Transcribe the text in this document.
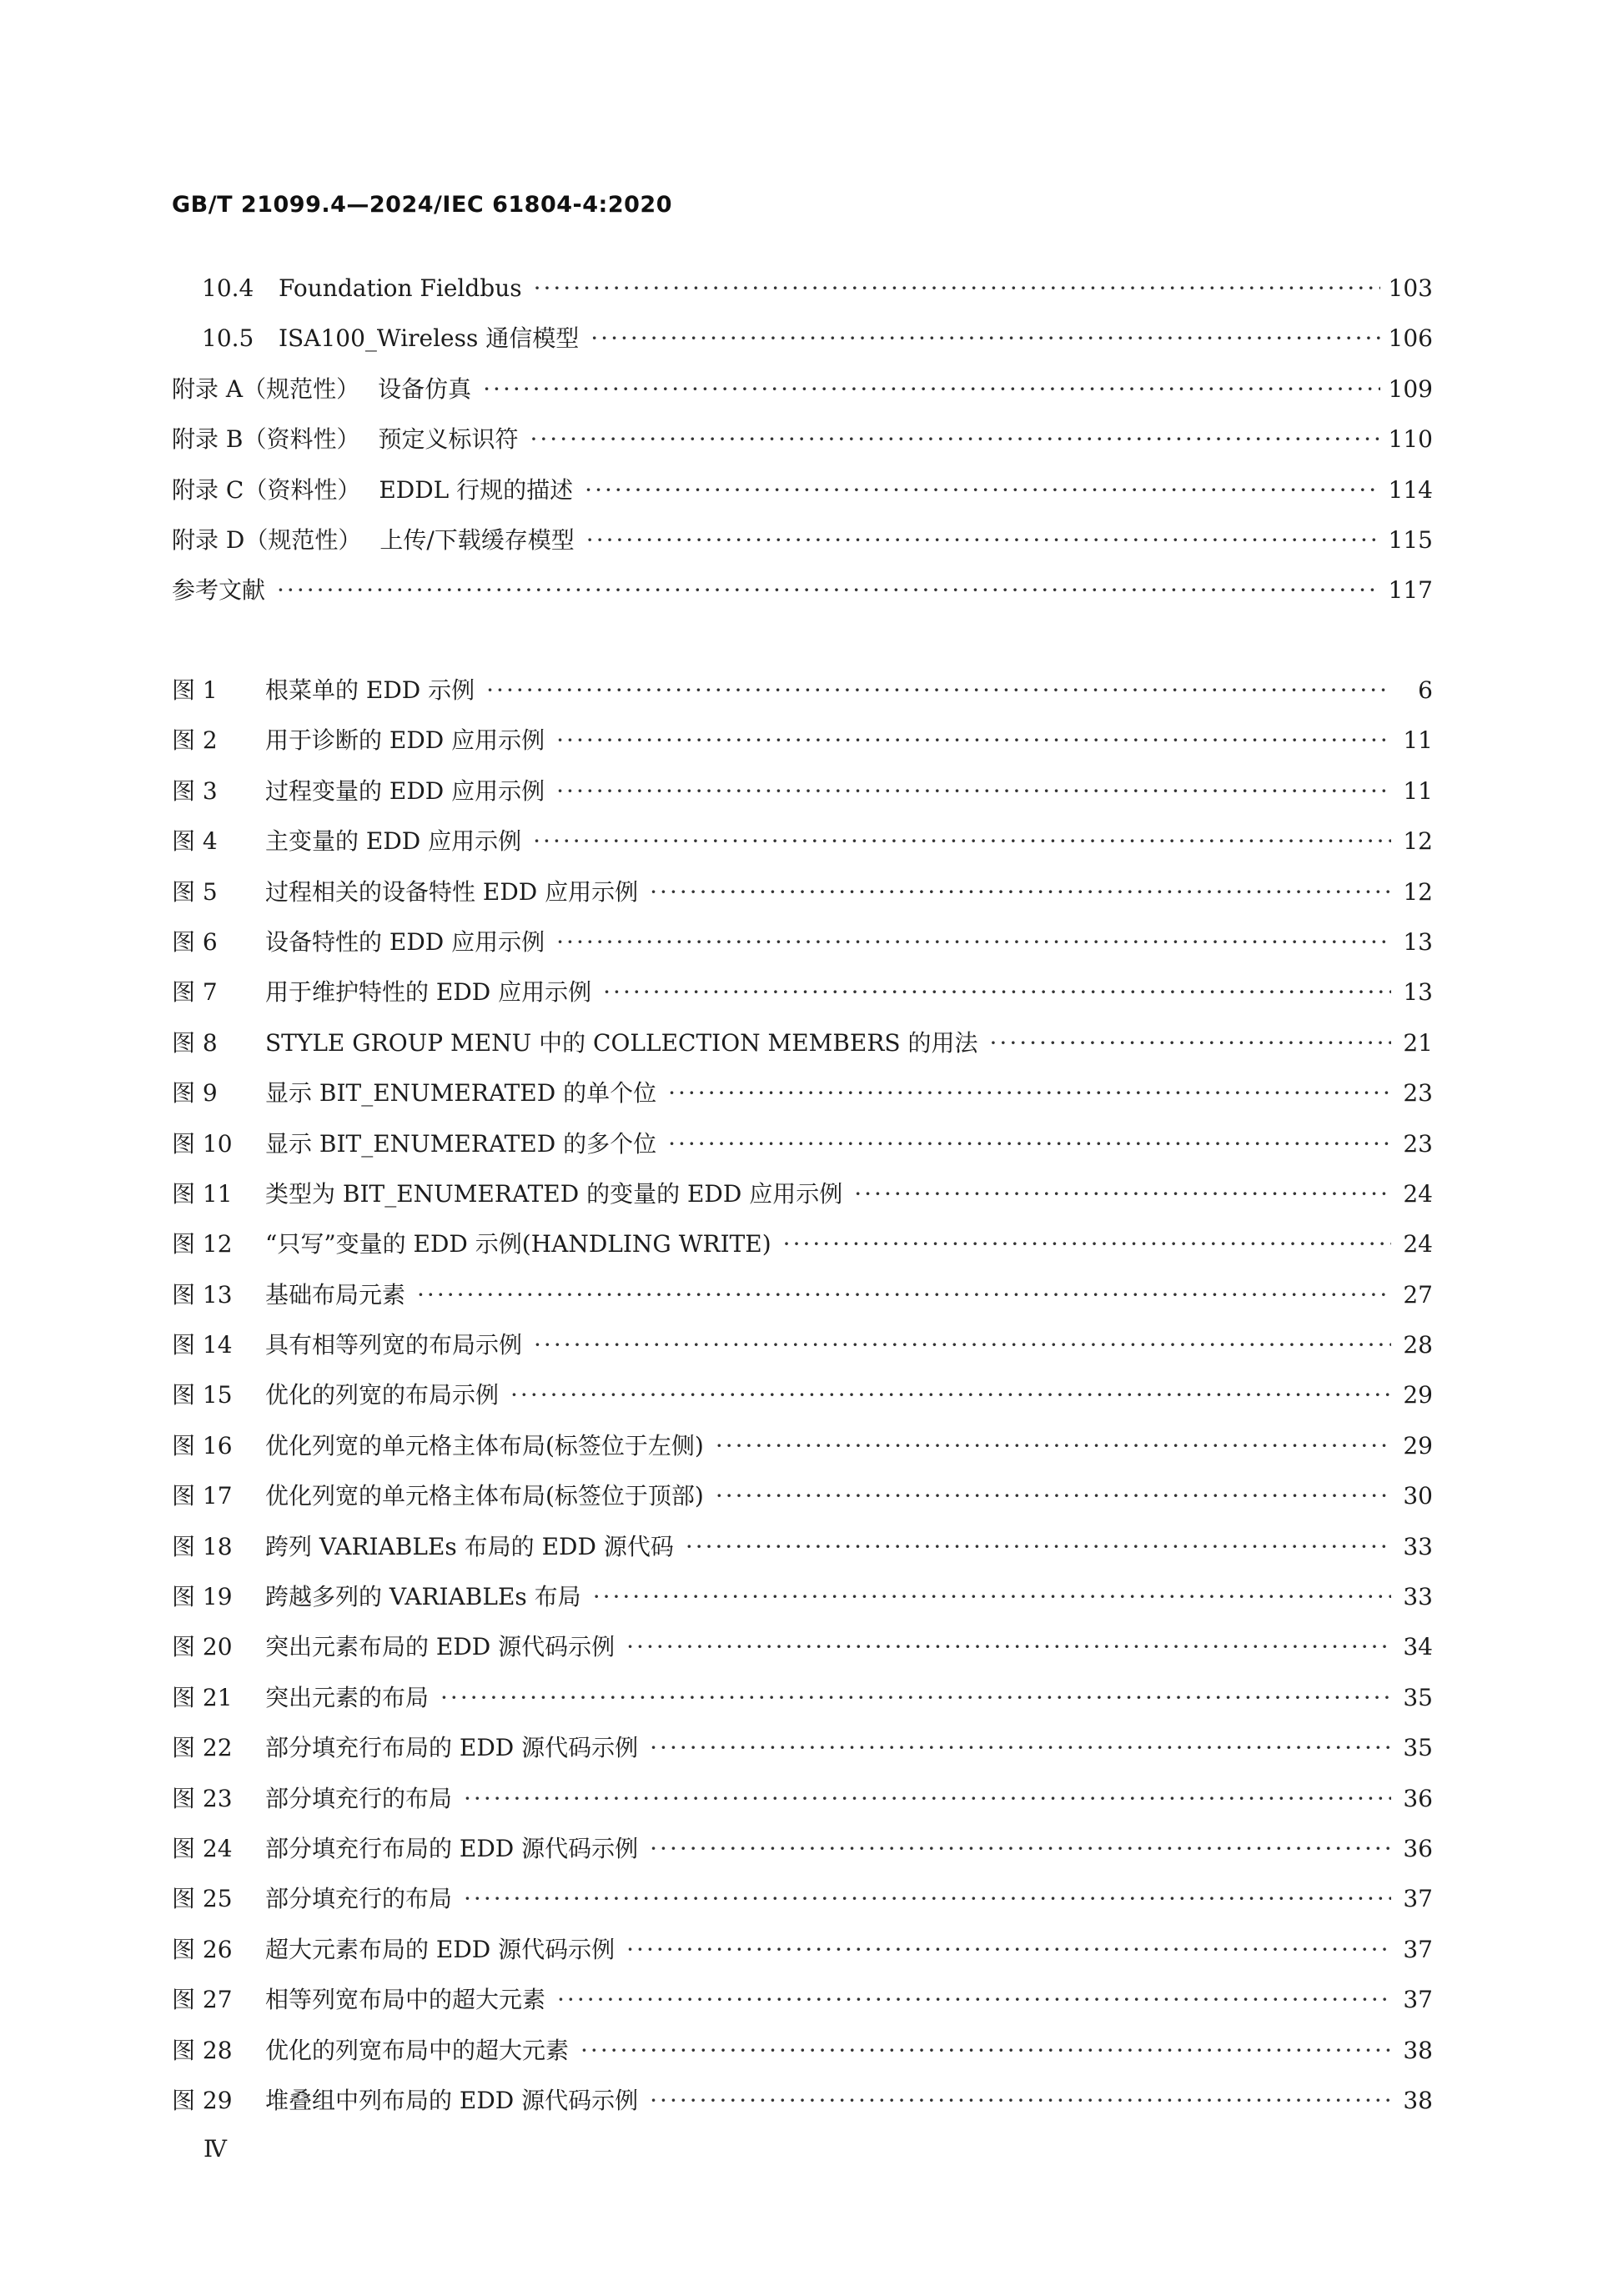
GB/T 21099.4—2024/IEC 61804-4:2020
10.4 Foundation Fieldbus ·····	103
10.5 ISA100_Wireless 通信模型 ·····	106
附录 A（规范性） 设备仿真 ·····	109
附录 B（资料性） 预定义标识符 ·····	110
附录 C（资料性） EDDL 行规的描述 ·····	114
附录 D（规范性） 上传/下载缓存模型 ·····	115
参考文献 ·····	117
图 1 根菜单的 EDD 示例 ·····	6
图 2 用于诊断的 EDD 应用示例 ·····	11
图 3 过程变量的 EDD 应用示例 ·····	11
图 4 主变量的 EDD 应用示例 ·····	12
图 5 过程相关的设备特性 EDD 应用示例 ·····	12
图 6 设备特性的 EDD 应用示例 ·····	13
图 7 用于维护特性的 EDD 应用示例 ·····	13
图 8 STYLE GROUP MENU 中的 COLLECTION MEMBERS 的用法 ·····	21
图 9 显示 BIT_ENUMERATED 的单个位 ·····	23
图 10 显示 BIT_ENUMERATED 的多个位 ·····	23
图 11 类型为 BIT_ENUMERATED 的变量的 EDD 应用示例 ·····	24
图 12 “只写”变量的 EDD 示例(HANDLING WRITE) ·····	24
图 13 基础布局元素 ·····	27
图 14 具有相等列宽的布局示例 ·····	28
图 15 优化的列宽的布局示例 ·····	29
图 16 优化列宽的单元格主体布局(标签位于左侧) ·····	29
图 17 优化列宽的单元格主体布局(标签位于顶部) ·····	30
图 18 跨列 VARIABLEs 布局的 EDD 源代码 ·····	33
图 19 跨越多列的 VARIABLEs 布局 ·····	33
图 20 突出元素布局的 EDD 源代码示例 ·····	34
图 21 突出元素的布局 ·····	35
图 22 部分填充行布局的 EDD 源代码示例 ·····	35
图 23 部分填充行的布局 ·····	36
图 24 部分填充行布局的 EDD 源代码示例 ·····	36
图 25 部分填充行的布局 ·····	37
图 26 超大元素布局的 EDD 源代码示例 ·····	37
图 27 相等列宽布局中的超大元素 ·····	37
图 28 优化的列宽布局中的超大元素 ·····	38
图 29 堆叠组中列布局的 EDD 源代码示例 ·····	38
Ⅳ
